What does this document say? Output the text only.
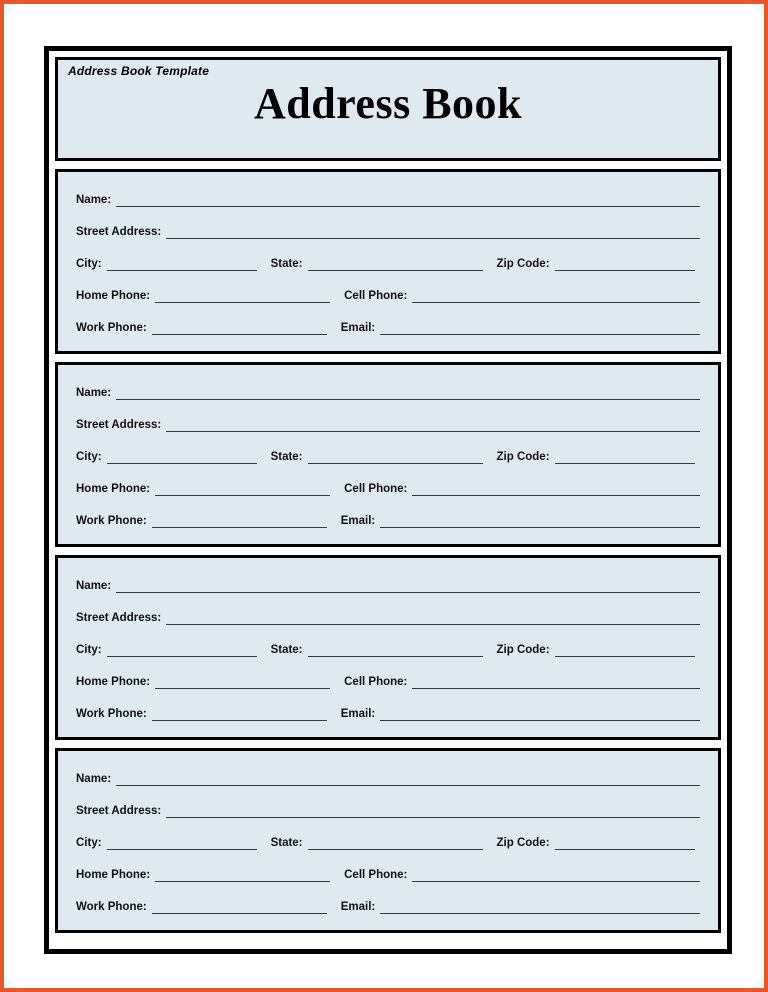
Address Book Template
Address Book
Name:
Street Address:
City:	State:	Zip Code:
Home Phone:	Cell Phone:
Work Phone:	Email:
Name:
Street Address:
City:	State:	Zip Code:
Home Phone:	Cell Phone:
Work Phone:	Email:
Name:
Street Address:
City:	State:	Zip Code:
Home Phone:	Cell Phone:
Work Phone:	Email:
Name:
Street Address:
City:	State:	Zip Code:
Home Phone:	Cell Phone:
Work Phone:	Email:
